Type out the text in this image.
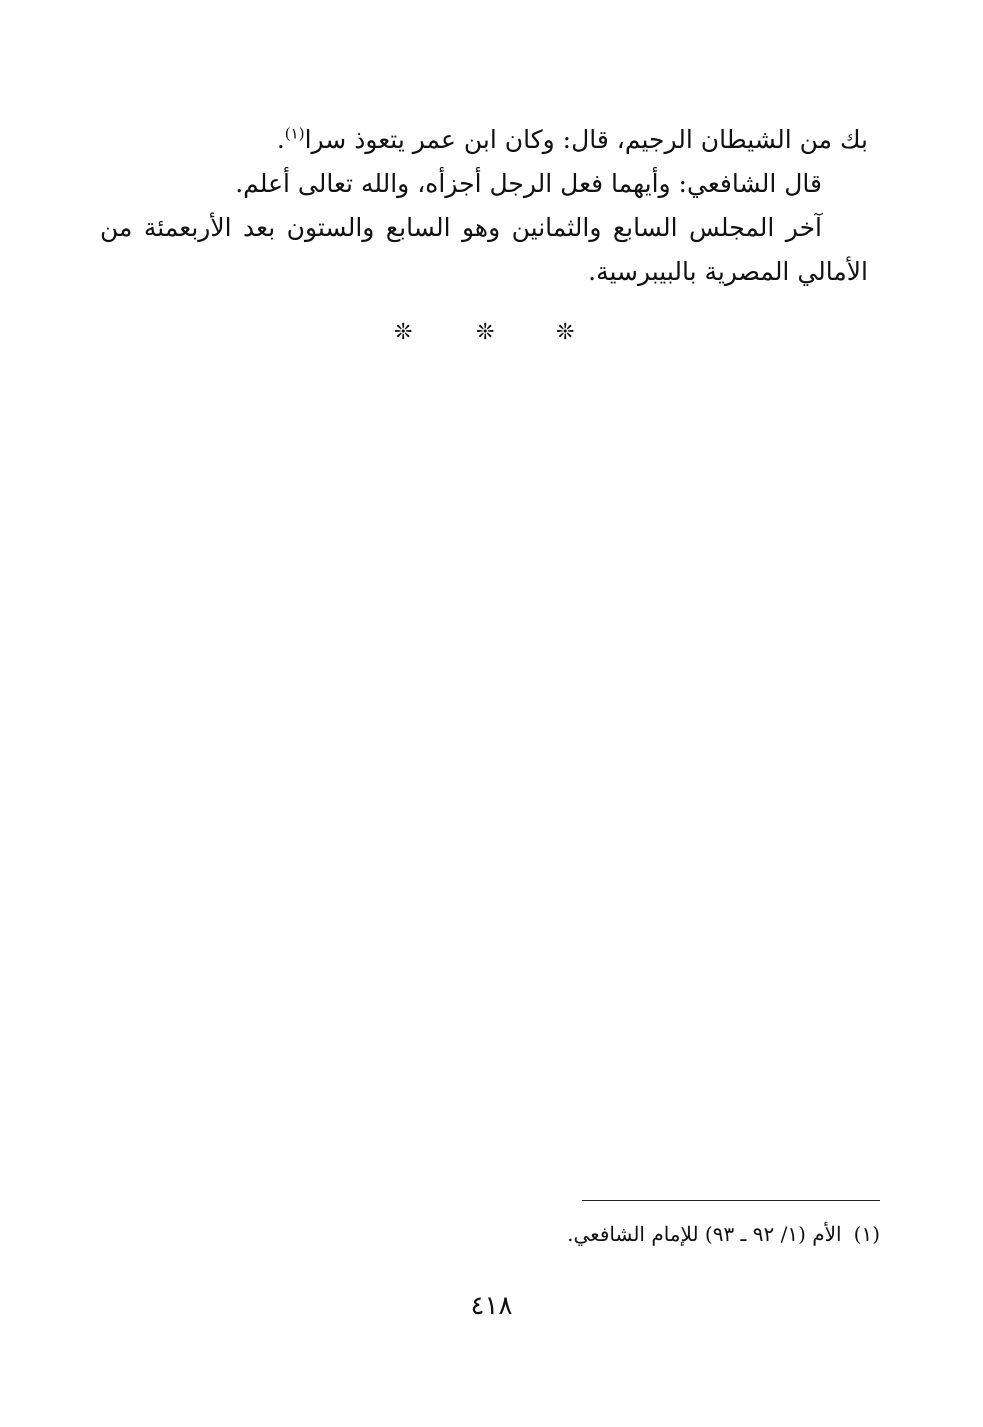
بك من الشيطان الرجيم، قال: وكان ابن عمر يتعوذ سرا$^{(١)}$.

قال الشافعي: وأيهما فعل الرجل أجزأه، والله تعالى أعلم.

آخر المجلس السابع والثمانين وهو السابع والستون بعد الأربعمئة من الأمالي المصرية بالبيبرسية.

❊	❊	❊
(١)الأم (١/ ٩٢ ـ ٩٣) للإمام الشافعي.
٤١٨
